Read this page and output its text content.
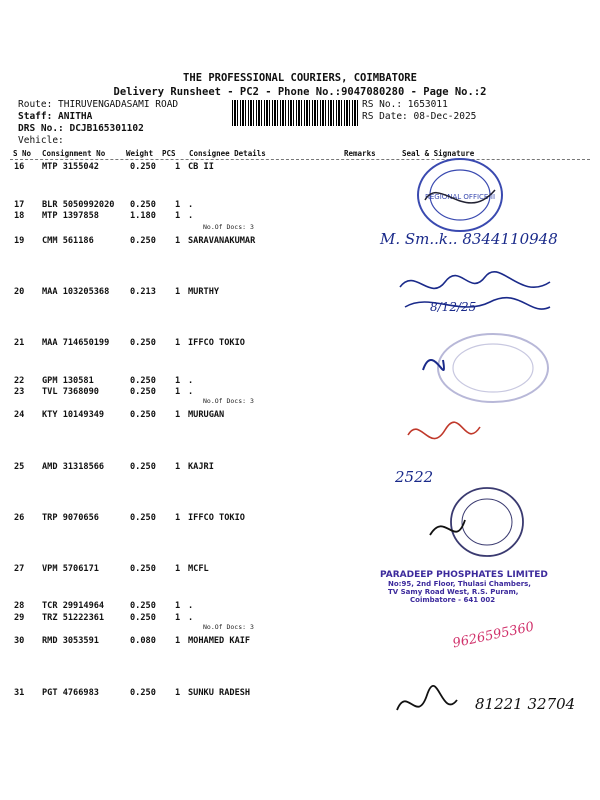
THE PROFESSIONAL COURIERS, COIMBATORE
Delivery Runsheet - PC2 - Phone No.:9047080280 - Page No.:2
Route: THIRUVENGADASAMI ROAD
Staff: ANITHA
DRS No.: DCJB165301102
Vehicle:
RS No.: 1653011
RS Date: 08-Dec-2025
S No Consignment No	Weight PCS Consignee Details	Remarks	Seal & Signature
16 MTP 3155042	0.250 1 CB II
17 BLR 5050992020 0.250 1 .
18 MTP 1397858	1.180 1 .
19 CMM 561186	0.250 1 SARAVANAKUMAR
20 MAA 103205368 0.213 1 MURTHY
21 MAA 714650199 0.250 1 IFFCO TOKIO
22 GPM 130581	0.250 1 .
23 TVL 7368090	0.250 1 .
24 KTY 10149349	0.250 1 MURUGAN
25 AMD 31318566	0.250 1 KAJRI
26 TRP 9070656	0.250 1 IFFCO TOKIO
27 VPM 5706171	0.250 1 MCFL
28 TCR 29914964	0.250 1 .
29 TRZ 51222361	0.250 1 .
30 RMD 3053591	0.080 1 MOHAMED KAIF
31 PGT 4766983	0.250 1 SUNKU RADESH
No.Of Docs: 3
No.Of Docs: 3
No.Of Docs: 3
REGIONAL OFFICE-II
M. Sm..k.. 8344110948
8/12/25
2522
PARADEEP PHOSPHATES LIMITED
No:95, 2nd Floor, Thulasi Chambers,
TV Samy Road West, R.S. Puram,
Coimbatore - 641 002
9626595360
81221 32704
